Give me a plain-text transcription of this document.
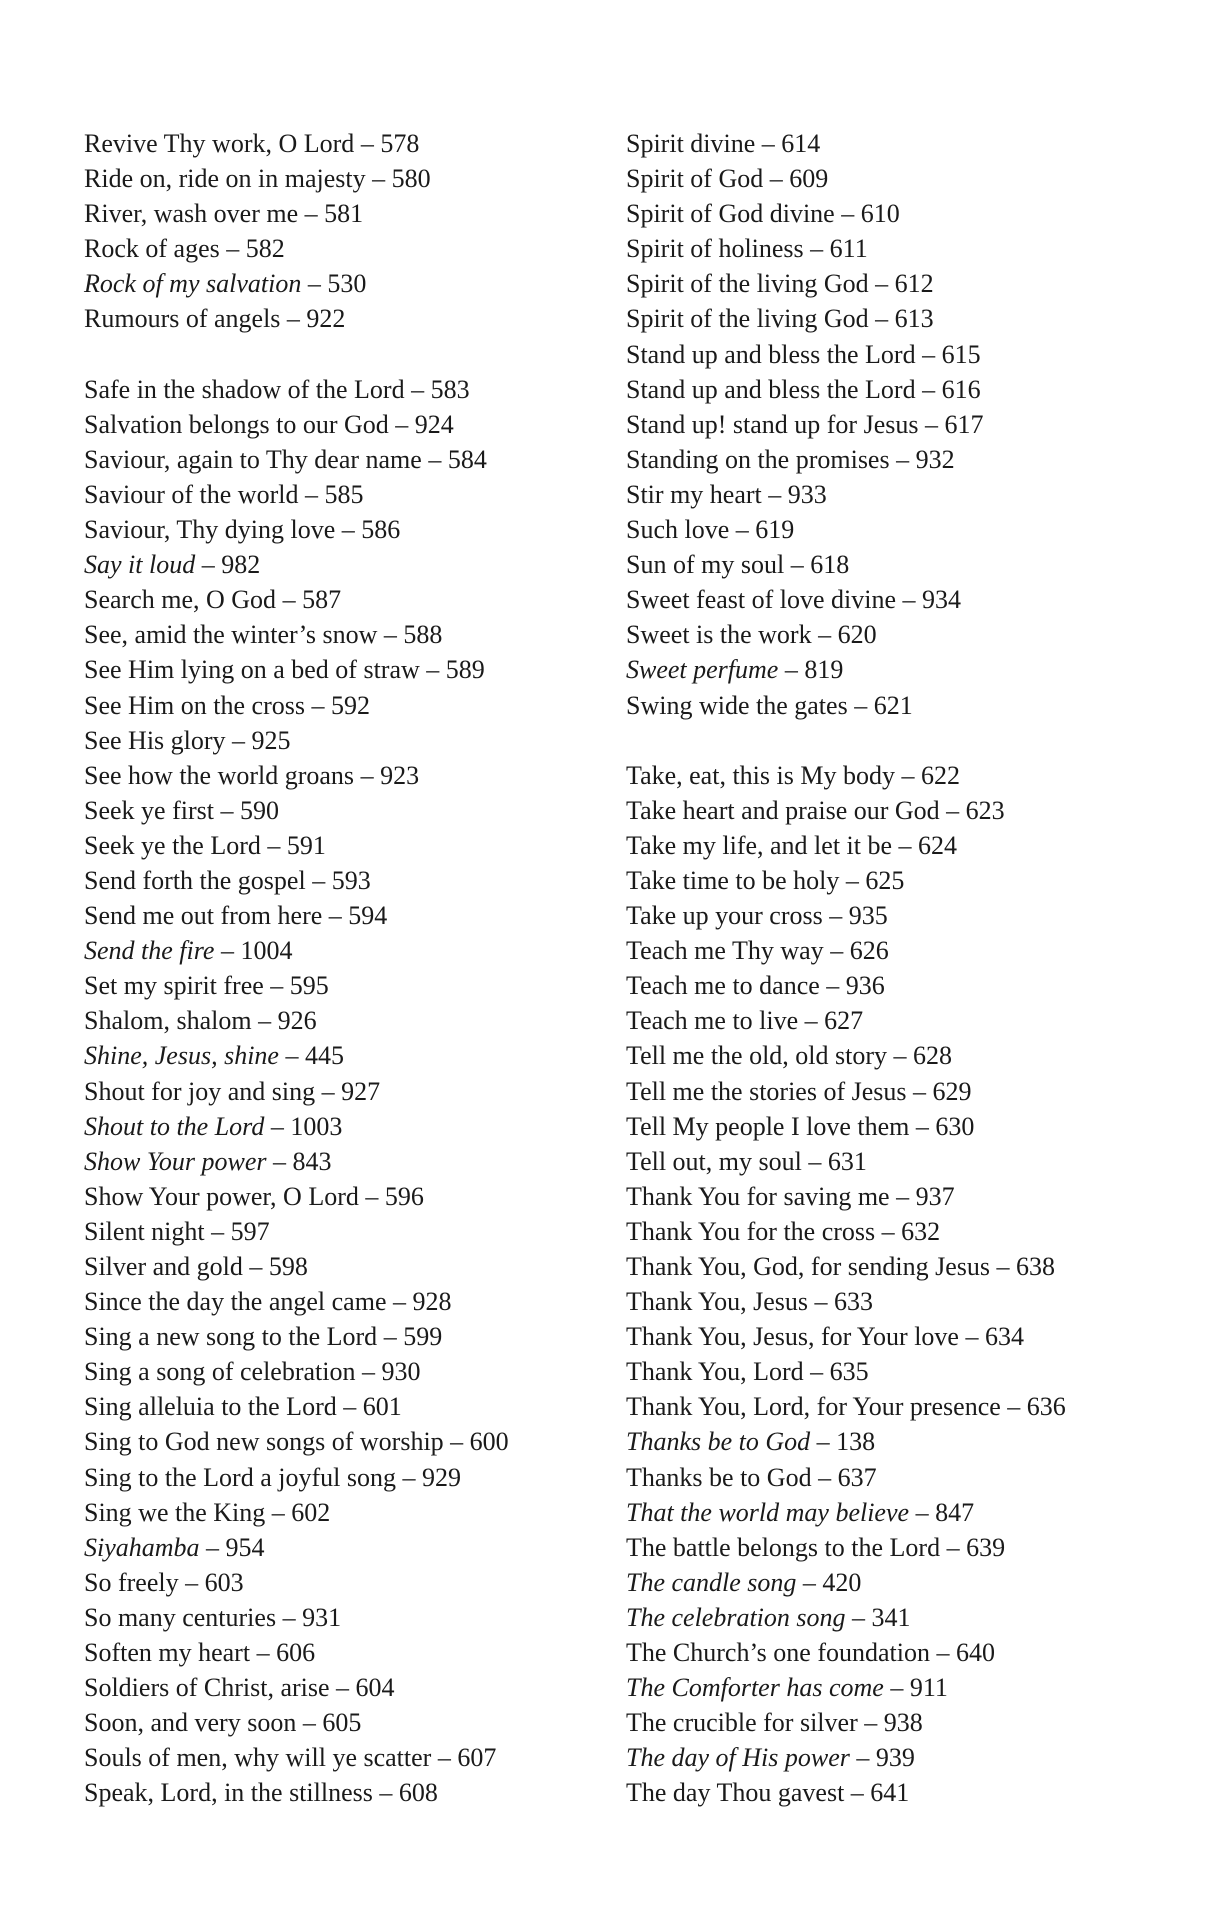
Revive Thy work, O Lord – 578
Ride on, ride on in majesty – 580
River, wash over me – 581
Rock of ages – 582
Rock of my salvation – 530
Rumours of angels – 922
Safe in the shadow of the Lord – 583
Salvation belongs to our God – 924
Saviour, again to Thy dear name – 584
Saviour of the world – 585
Saviour, Thy dying love – 586
Say it loud – 982
Search me, O God – 587
See, amid the winter’s snow – 588
See Him lying on a bed of straw – 589
See Him on the cross – 592
See His glory – 925
See how the world groans – 923
Seek ye first – 590
Seek ye the Lord – 591
Send forth the gospel – 593
Send me out from here – 594
Send the fire – 1004
Set my spirit free – 595
Shalom, shalom – 926
Shine, Jesus, shine – 445
Shout for joy and sing – 927
Shout to the Lord – 1003
Show Your power – 843
Show Your power, O Lord – 596
Silent night – 597
Silver and gold – 598
Since the day the angel came – 928
Sing a new song to the Lord – 599
Sing a song of celebration – 930
Sing alleluia to the Lord – 601
Sing to God new songs of worship – 600
Sing to the Lord a joyful song – 929
Sing we the King – 602
Siyahamba – 954
So freely – 603
So many centuries – 931
Soften my heart – 606
Soldiers of Christ, arise – 604
Soon, and very soon – 605
Souls of men, why will ye scatter – 607
Speak, Lord, in the stillness – 608
Spirit divine – 614
Spirit of God – 609
Spirit of God divine – 610
Spirit of holiness – 611
Spirit of the living God – 612
Spirit of the living God – 613
Stand up and bless the Lord – 615
Stand up and bless the Lord – 616
Stand up! stand up for Jesus – 617
Standing on the promises – 932
Stir my heart – 933
Such love – 619
Sun of my soul – 618
Sweet feast of love divine – 934
Sweet is the work – 620
Sweet perfume – 819
Swing wide the gates – 621
Take, eat, this is My body – 622
Take heart and praise our God – 623
Take my life, and let it be – 624
Take time to be holy – 625
Take up your cross – 935
Teach me Thy way – 626
Teach me to dance – 936
Teach me to live – 627
Tell me the old, old story – 628
Tell me the stories of Jesus – 629
Tell My people I love them – 630
Tell out, my soul – 631
Thank You for saving me – 937
Thank You for the cross – 632
Thank You, God, for sending Jesus – 638
Thank You, Jesus – 633
Thank You, Jesus, for Your love – 634
Thank You, Lord – 635
Thank You, Lord, for Your presence – 636
Thanks be to God – 138
Thanks be to God – 637
That the world may believe – 847
The battle belongs to the Lord – 639
The candle song – 420
The celebration song – 341
The Church’s one foundation – 640
The Comforter has come – 911
The crucible for silver – 938
The day of His power – 939
The day Thou gavest – 641
